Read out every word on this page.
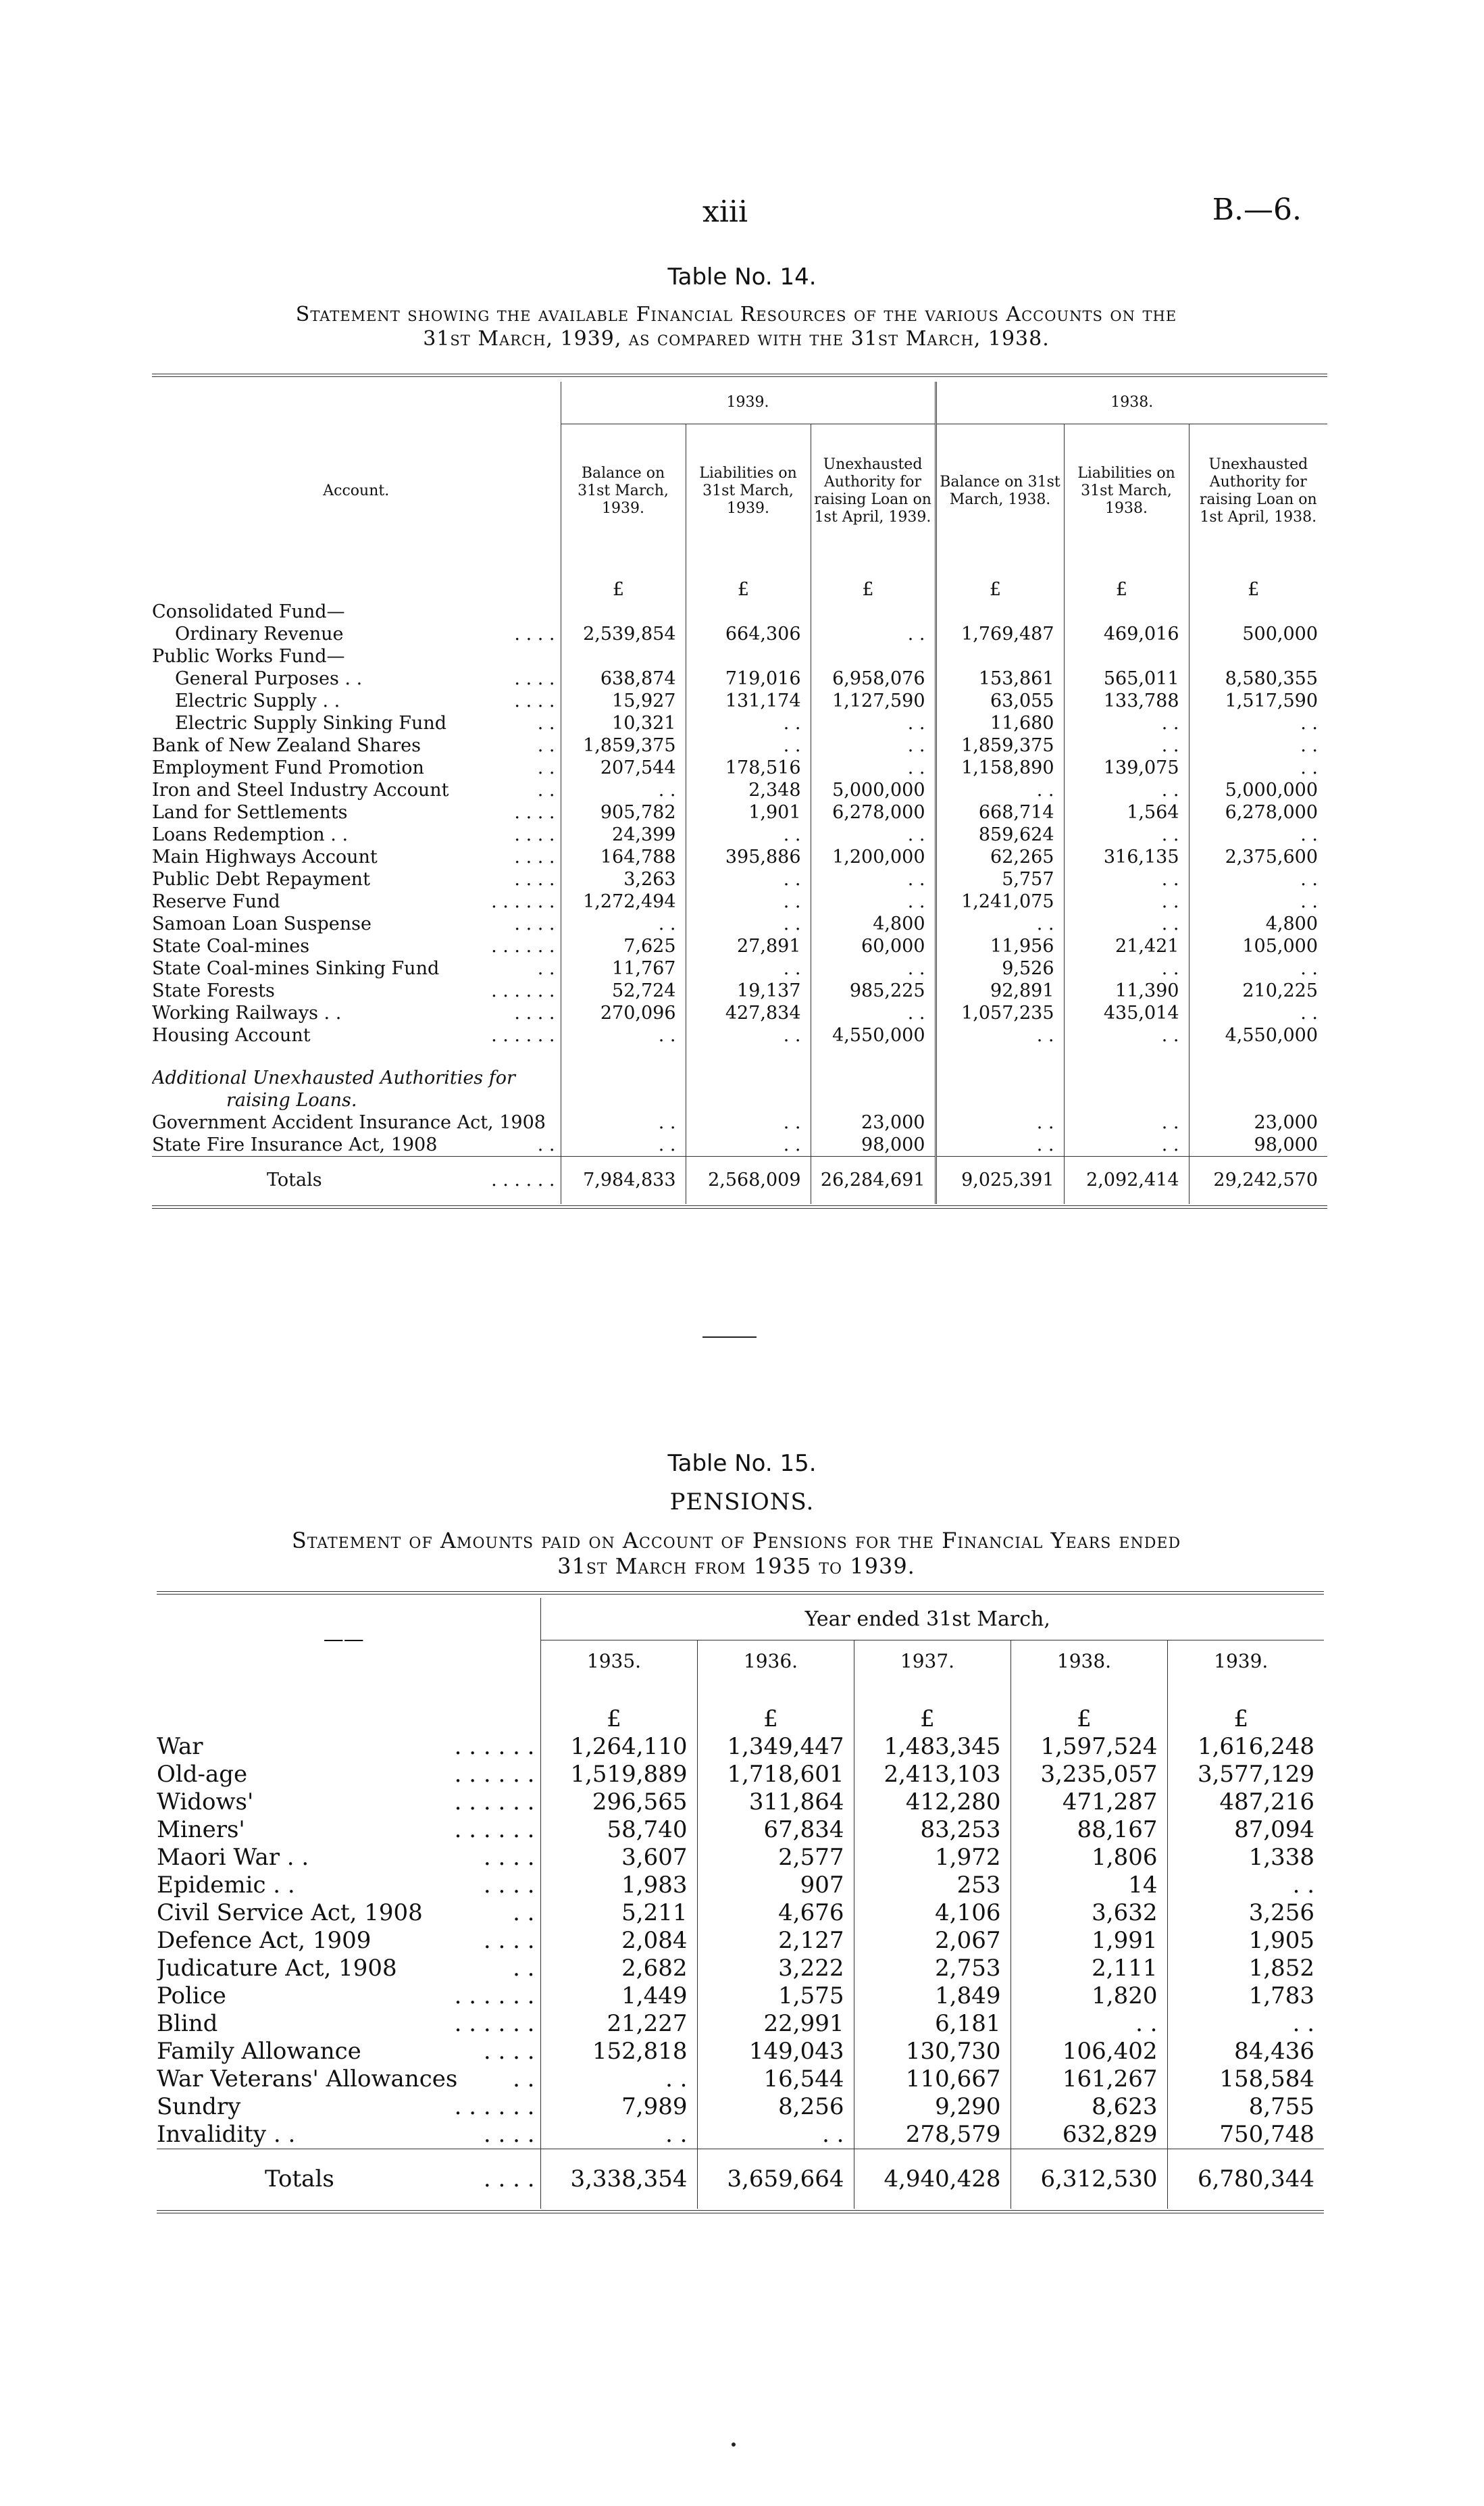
xiii	B.—6.
Table No. 14.
Statement showing the available Financial Resources of the various Accounts on the
31st March, 1939, as compared with the 31st March, 1938.
	1939.			1938.		
Account.	Balance on 31st March, 1939.	Liabilities on 31st March, 1939.	Unexhausted Authority for raising Loan on 1st April, 1939.	Balance on 31st March, 1938.	Liabilities on 31st March, 1938.	Unexhausted Authority for raising Loan on 1st April, 1938.

	£	£	£	£	£	£
Consolidated Fund—						
Ordinary Revenue . . . .	2,539,854	664,306	. .	1,769,487	469,016	500,000
Public Works Fund—						
General Purposes . . . . . .	638,874	719,016	6,958,076	153,861	565,011	8,580,355
Electric Supply . . . . . .	15,927	131,174	1,127,590	63,055	133,788	1,517,590
Electric Supply Sinking Fund . .	10,321	. .	. .	11,680	. .	. .
Bank of New Zealand Shares . .	1,859,375	. .	. .	1,859,375	. .	. .
Employment Fund Promotion . .	207,544	178,516	. .	1,158,890	139,075	. .
Iron and Steel Industry Account . .	. .	2,348	5,000,000	. .	. .	5,000,000
Land for Settlements . . . .	905,782	1,901	6,278,000	668,714	1,564	6,278,000
Loans Redemption . . . . . .	24,399	. .	. .	859,624	. .	. .
Main Highways Account . . . .	164,788	395,886	1,200,000	62,265	316,135	2,375,600
Public Debt Repayment . . . .	3,263	. .	. .	5,757	. .	. .
Reserve Fund . . . . . .	1,272,494	. .	. .	1,241,075	. .	. .
Samoan Loan Suspense . . . .	. .	. .	4,800	. .	. .	4,800
State Coal-mines . . . . . .	7,625	27,891	60,000	11,956	21,421	105,000
State Coal-mines Sinking Fund . .	11,767	. .	. .	9,526	. .	. .
State Forests . . . . . .	52,724	19,137	985,225	92,891	11,390	210,225
Working Railways . . . . . .	270,096	427,834	. .	1,057,235	435,014	. .
Housing Account . . . . . .	. .	. .	4,550,000	. .	. .	4,550,000

Additional Unexhausted Authorities for						
raising Loans.						
Government Accident Insurance Act, 1908	. .	. .	23,000	. .	. .	23,000
State Fire Insurance Act, 1908 . .	. .	. .	98,000	. .	. .	98,000
Totals . . . . . .	7,984,833	2,568,009	26,284,691	9,025,391	2,092,414	29,242,570
Table No. 15.
PENSIONS.
Statement of Amounts paid on Account of Pensions for the Financial Years ended
31st March from 1935 to 1939.
——	Year ended 31st March,				
	1935.	1936.	1937.	1938.	1939.

	£	£	£	£	£
War . . . . . .	1,264,110	1,349,447	1,483,345	1,597,524	1,616,248
Old-age . . . . . .	1,519,889	1,718,601	2,413,103	3,235,057	3,577,129
Widows' . . . . . .	296,565	311,864	412,280	471,287	487,216
Miners' . . . . . .	58,740	67,834	83,253	88,167	87,094
Maori War . . . . . .	3,607	2,577	1,972	1,806	1,338
Epidemic . . . . . .	1,983	907	253	14	. .
Civil Service Act, 1908 . .	5,211	4,676	4,106	3,632	3,256
Defence Act, 1909 . . . .	2,084	2,127	2,067	1,991	1,905
Judicature Act, 1908 . .	2,682	3,222	2,753	2,111	1,852
Police . . . . . .	1,449	1,575	1,849	1,820	1,783
Blind . . . . . .	21,227	22,991	6,181	. .	. .
Family Allowance . . . .	152,818	149,043	130,730	106,402	84,436
War Veterans' Allowances . .	. .	16,544	110,667	161,267	158,584
Sundry . . . . . .	7,989	8,256	9,290	8,623	8,755
Invalidity . . . . . .	. .	. .	278,579	632,829	750,748
Totals . . . .	3,338,354	3,659,664	4,940,428	6,312,530	6,780,344
